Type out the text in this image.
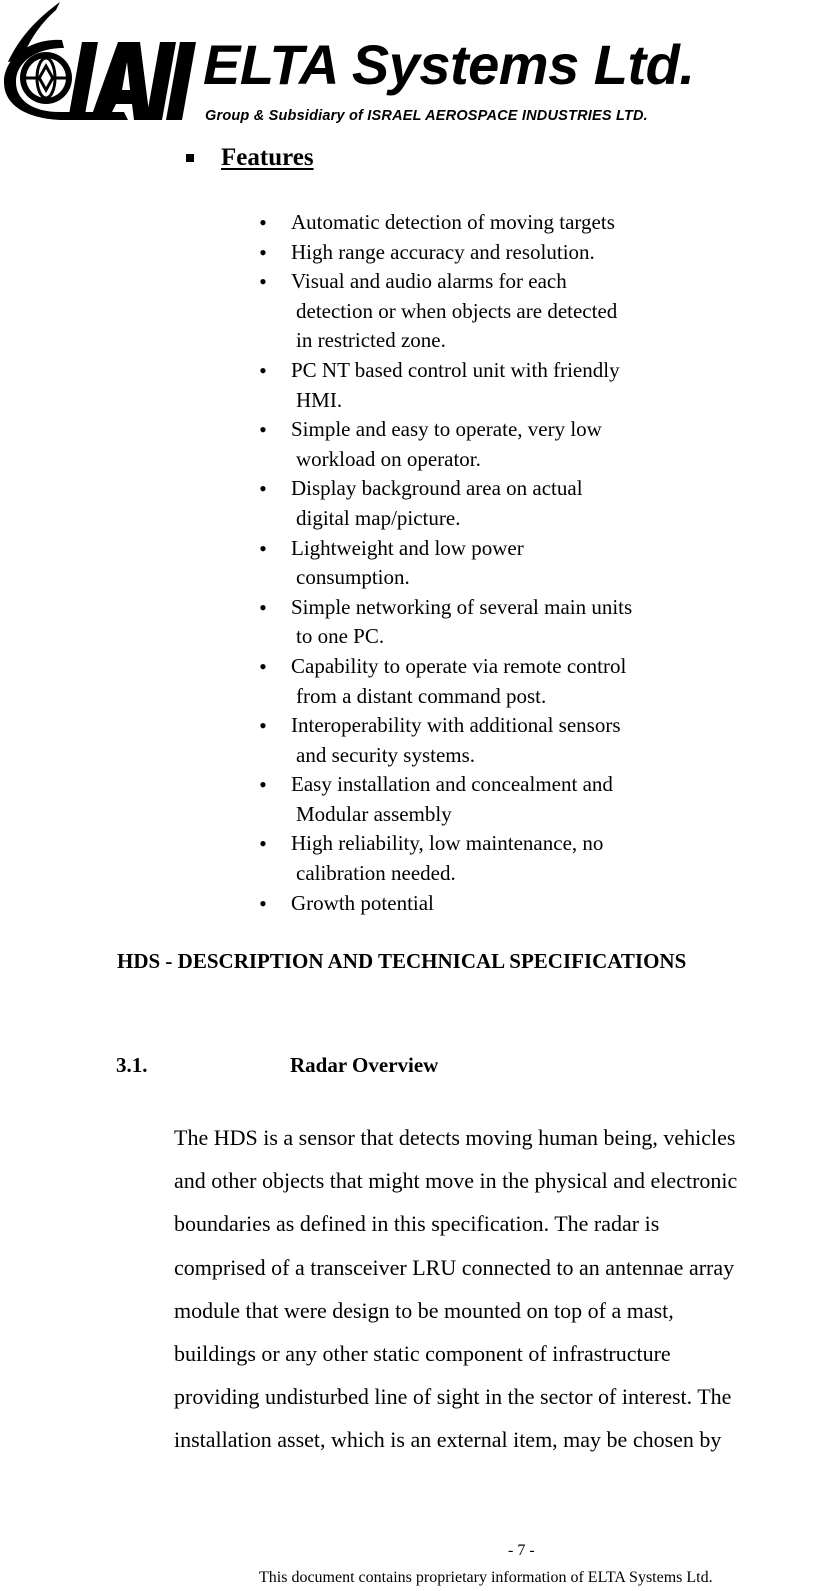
ELTA Systems Ltd.
Group & Subsidiary of ISRAEL AEROSPACE INDUSTRIES LTD.
Features
• Automatic detection of moving targets
• High range accuracy and resolution.
• Visual and audio alarms for each
detection or when objects are detected
in restricted zone.
• PC NT based control unit with friendly
HMI.
• Simple and easy to operate, very low
workload on operator.
• Display background area on actual
digital map/picture.
• Lightweight and low power
consumption.
• Simple networking of several main units
to one PC.
• Capability to operate via remote control
from a distant command post.
• Interoperability with additional sensors
and security systems.
• Easy installation and concealment and
Modular assembly
• High reliability, low maintenance, no
calibration needed.
• Growth potential
HDS - DESCRIPTION AND TECHNICAL SPECIFICATIONS
3.1.	Radar Overview
The HDS is a sensor that detects moving human being, vehicles
and other objects that might move in the physical and electronic
boundaries as defined in this specification. The radar is
comprised of a transceiver LRU connected to an antennae array
module that were design to be mounted on top of a mast,
buildings or any other static component of infrastructure
providing undisturbed line of sight in the sector of interest. The
installation asset, which is an external item, may be chosen by
- 7 -
This document contains proprietary information of ELTA Systems Ltd.
